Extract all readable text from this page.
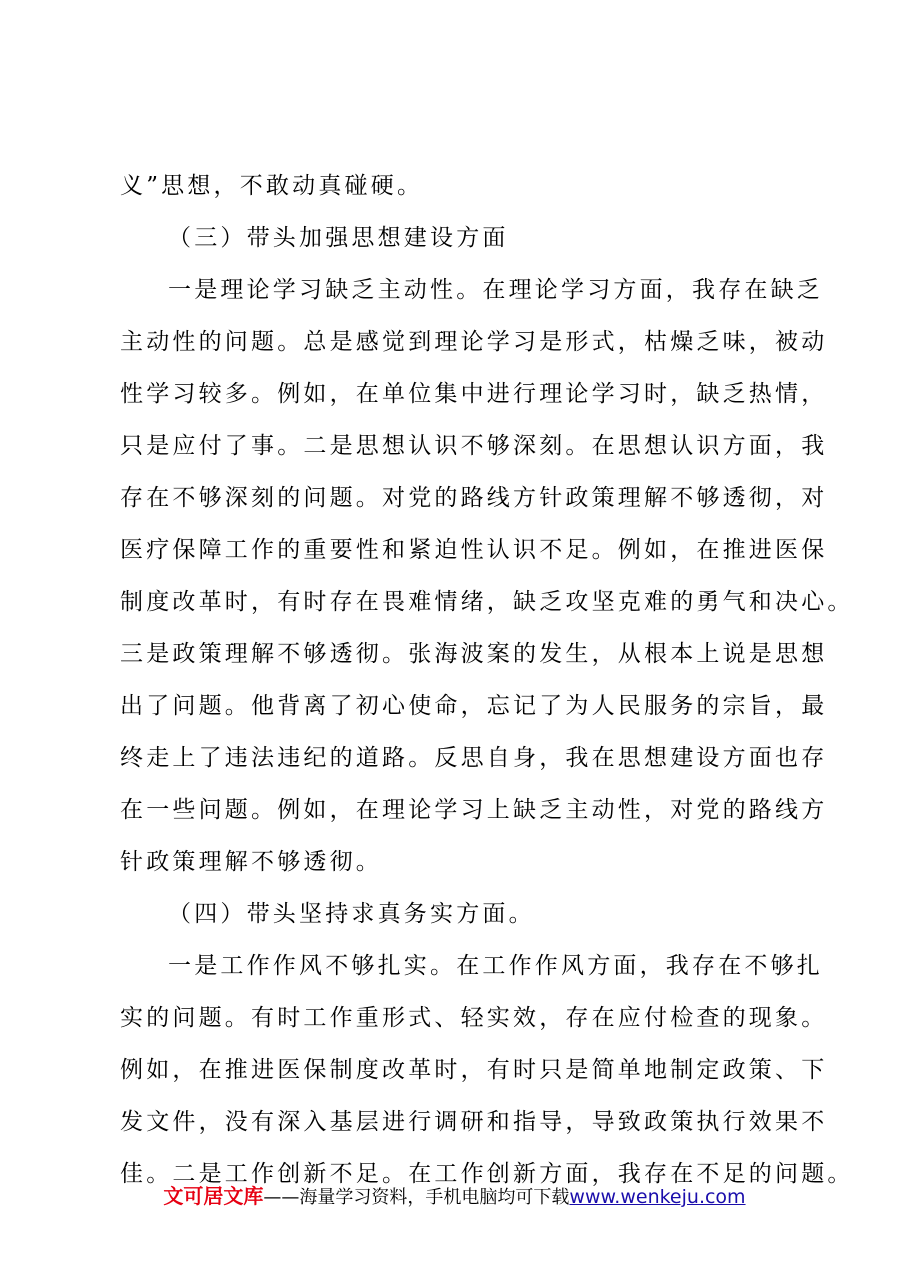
义”思想，不敢动真碰硬。
（三）带头加强思想建设方面
一是理论学习缺乏主动性。在理论学习方面，我存在缺乏
主动性的问题。总是感觉到理论学习是形式，枯燥乏味，被动
性学习较多。例如，在单位集中进行理论学习时，缺乏热情，
只是应付了事。二是思想认识不够深刻。在思想认识方面，我
存在不够深刻的问题。对党的路线方针政策理解不够透彻，对
医疗保障工作的重要性和紧迫性认识不足。例如，在推进医保
制度改革时，有时存在畏难情绪，缺乏攻坚克难的勇气和决心。
三是政策理解不够透彻。张海波案的发生，从根本上说是思想
出了问题。他背离了初心使命，忘记了为人民服务的宗旨，最
终走上了违法违纪的道路。反思自身，我在思想建设方面也存
在一些问题。例如，在理论学习上缺乏主动性，对党的路线方
针政策理解不够透彻。
（四）带头坚持求真务实方面。
一是工作作风不够扎实。在工作作风方面，我存在不够扎
实的问题。有时工作重形式、轻实效，存在应付检查的现象。
例如，在推进医保制度改革时，有时只是简单地制定政策、下
发文件，没有深入基层进行调研和指导，导致政策执行效果不
佳。二是工作创新不足。在工作创新方面，我存在不足的问题。
文可居文库——海量学习资料，手机电脑均可下载www.wenkeju.com
